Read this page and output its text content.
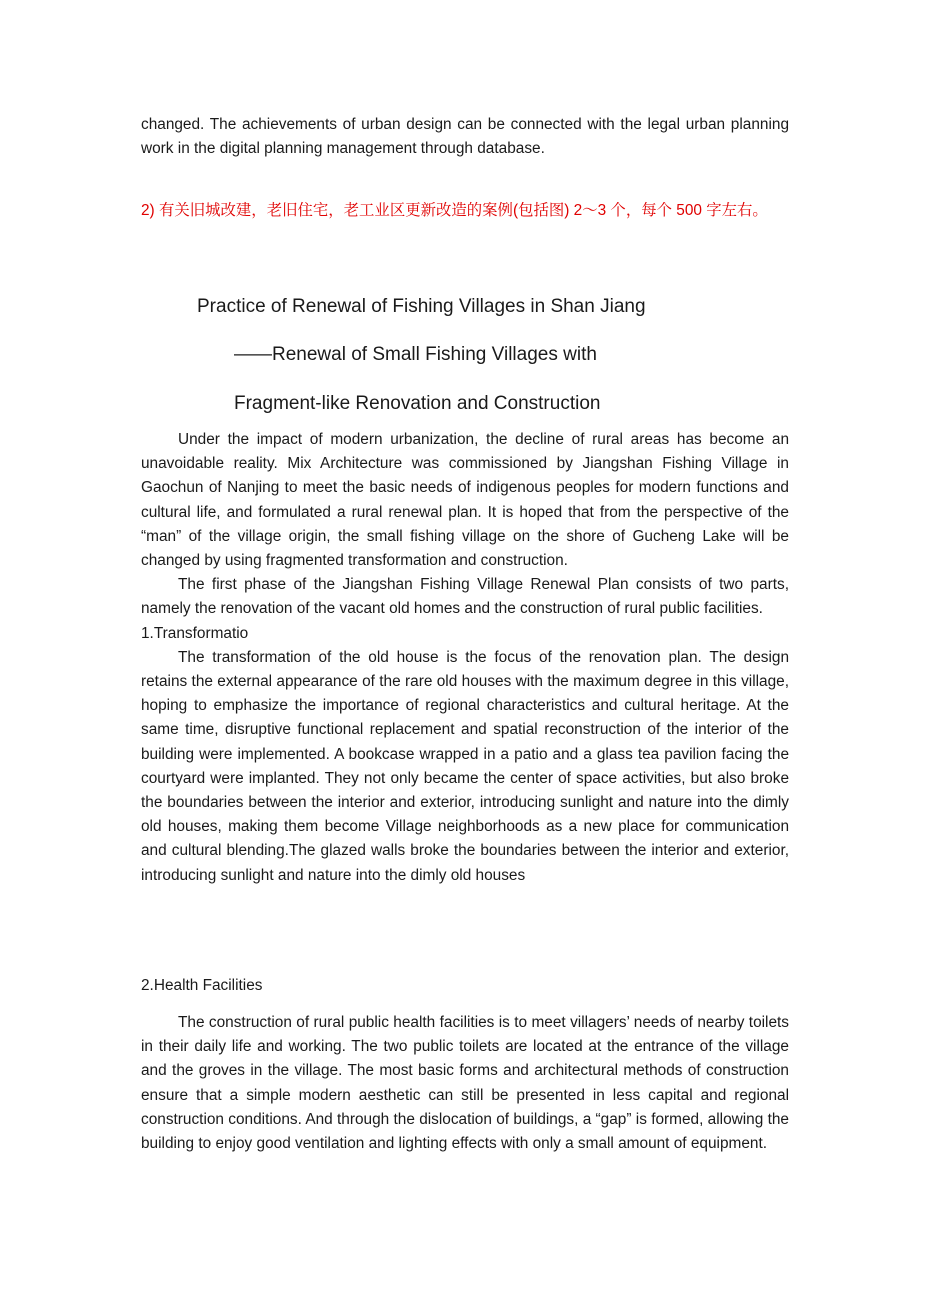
changed. The achievements of urban design can be connected with the legal urban planning work in the digital planning management through database.

2) 有关旧城改建，老旧住宅，老工业区更新改造的案例(包括图) 2～3 个，每个 500 字左右。

Practice of Renewal of Fishing Villages in Shan Jiang
——Renewal of Small Fishing Villages with
Fragment-like Renovation and Construction

Under the impact of modern urbanization, the decline of rural areas has become an unavoidable reality. Mix Architecture was commissioned by Jiangshan Fishing Village in Gaochun of Nanjing to meet the basic needs of indigenous peoples for modern functions and cultural life, and formulated a rural renewal plan. It is hoped that from the perspective of the “man” of the village origin, the small fishing village on the shore of Gucheng Lake will be changed by using fragmented transformation and construction.

The first phase of the Jiangshan Fishing Village Renewal Plan consists of two parts, namely the renovation of the vacant old homes and the construction of rural public facilities.

1.Transformatio

The transformation of the old house is the focus of the renovation plan. The design retains the external appearance of the rare old houses with the maximum degree in this village, hoping to emphasize the importance of regional characteristics and cultural heritage. At the same time, disruptive functional replacement and spatial reconstruction of the interior of the building were implemented. A bookcase wrapped in a patio and a glass tea pavilion facing the courtyard were implanted. They not only became the center of space activities, but also broke the boundaries between the interior and exterior, introducing sunlight and nature into the dimly old houses, making them become Village neighborhoods as a new place for communication and cultural blending.The glazed walls broke the boundaries between the interior and exterior, introducing sunlight and nature into the dimly old houses

2.Health Facilities

The construction of rural public health facilities is to meet villagers’ needs of nearby toilets in their daily life and working. The two public toilets are located at the entrance of the village and the groves in the village. The most basic forms and architectural methods of construction ensure that a simple modern aesthetic can still be presented in less capital and regional construction conditions. And through the dislocation of buildings, a “gap” is formed, allowing the building to enjoy good ventilation and lighting effects with only a small amount of equipment.
